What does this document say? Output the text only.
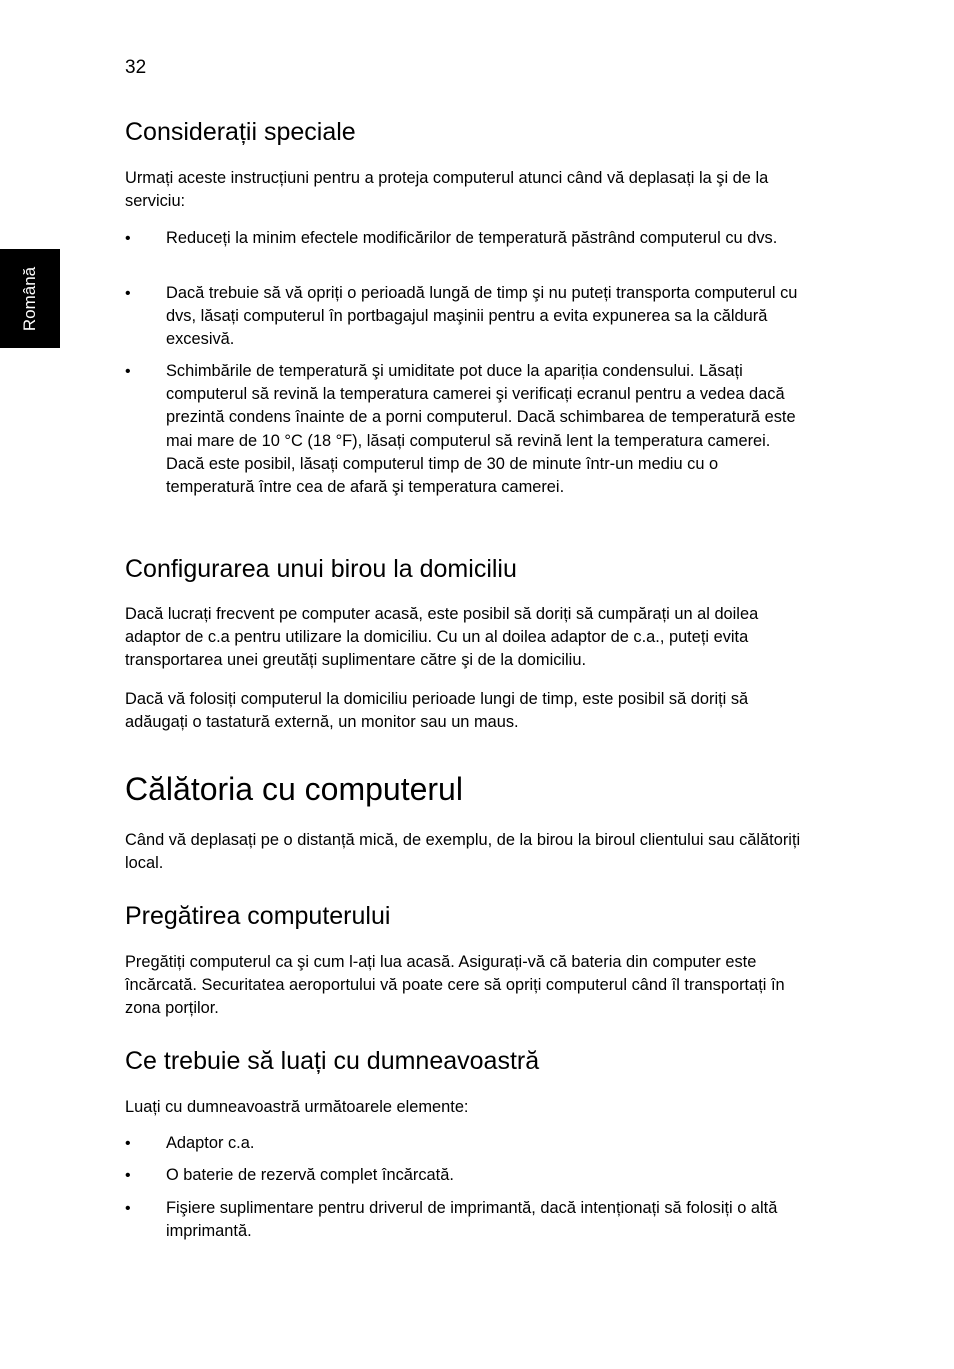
32
Română
Considerații speciale

Urmați aceste instrucțiuni pentru a proteja computerul atunci când vă deplasați la şi de la serviciu:

•	Reduceți la minim efectele modificărilor de temperatură păstrând computerul cu dvs.
•	Dacă trebuie să vă opriți o perioadă lungă de timp şi nu puteți transporta computerul cu dvs, lăsați computerul în portbagajul maşinii pentru a evita expunerea sa la căldură excesivă.
•	Schimbările de temperatură şi umiditate pot duce la apariția condensului. Lăsați computerul să revină la temperatura camerei şi verificați ecranul pentru a vedea dacă prezintă condens înainte de a porni computerul. Dacă schimbarea de temperatură este mai mare de 10 °C (18 °F), lăsați computerul să revină lent la temperatura camerei. Dacă este posibil, lăsați computerul timp de 30 de minute într-un mediu cu o temperatură între cea de afară şi temperatura camerei.
Configurarea unui birou la domiciliu

Dacă lucrați frecvent pe computer acasă, este posibil să doriți să cumpărați un al doilea adaptor de c.a pentru utilizare la domiciliu. Cu un al doilea adaptor de c.a., puteți evita transportarea unei greutăți suplimentare către şi de la domiciliu.

Dacă vă folosiți computerul la domiciliu perioade lungi de timp, este posibil să doriți să adăugați o tastatură externă, un monitor sau un maus.

Călătoria cu computerul

Când vă deplasați pe o distanță mică, de exemplu, de la birou la biroul clientului sau călătoriți local.

Pregătirea computerului

Pregătiți computerul ca şi cum l-ați lua acasă. Asigurați-vă că bateria din computer este încărcată. Securitatea aeroportului vă poate cere să opriți computerul când îl transportați în zona porților.

Ce trebuie să luați cu dumneavoastră

Luați cu dumneavoastră următoarele elemente:

•	Adaptor c.a.
•	O baterie de rezervă complet încărcată.
•	Fişiere suplimentare pentru driverul de imprimantă, dacă intenționați să folosiți o altă imprimantă.
